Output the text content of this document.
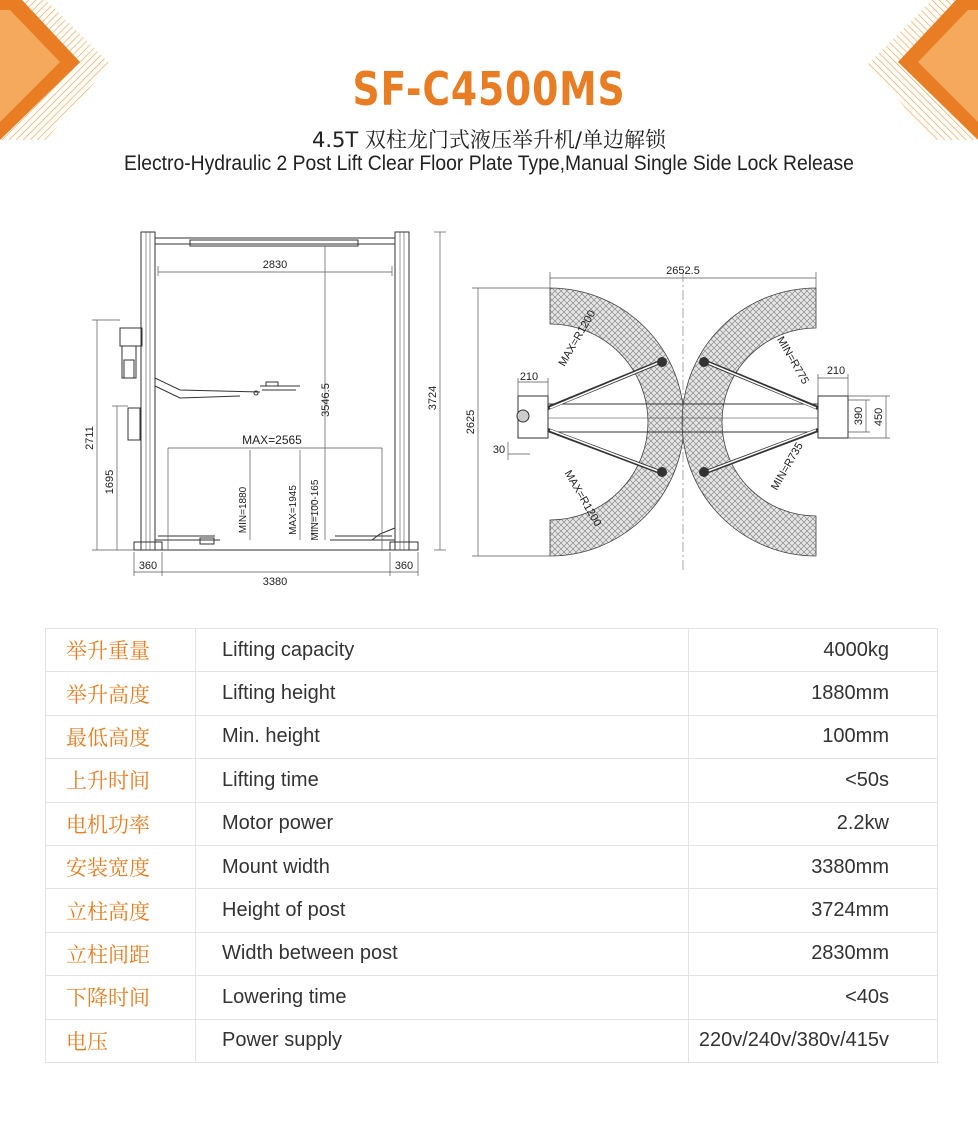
SF-C4500MS
4.5T 双柱龙门式液压举升机/单边解锁
Electro-Hydraulic 2 Post Lift Clear Floor Plate Type,Manual Single Side Lock Release
2830
MAX=2565
3724
3546.5
2711
1695
MIN=1880	MAX=1945 MIN=100-165
360
3380
360
2652.5
2625
210	210
30
390 450
MAX=R1200
MAX=R1200
MIN=R775
MIN=R735
举升重量	Lifting capacity	4000kg
举升高度	Lifting height	1880mm
最低高度	Min. height	100mm
上升时间	Lifting time	<50s
电机功率	Motor power	2.2kw
安装宽度	Mount width	3380mm
立柱高度	Height of post	3724mm
立柱间距	Width between post	2830mm
下降时间	Lowering time	<40s
电压	Power supply	220v/240v/380v/415v
